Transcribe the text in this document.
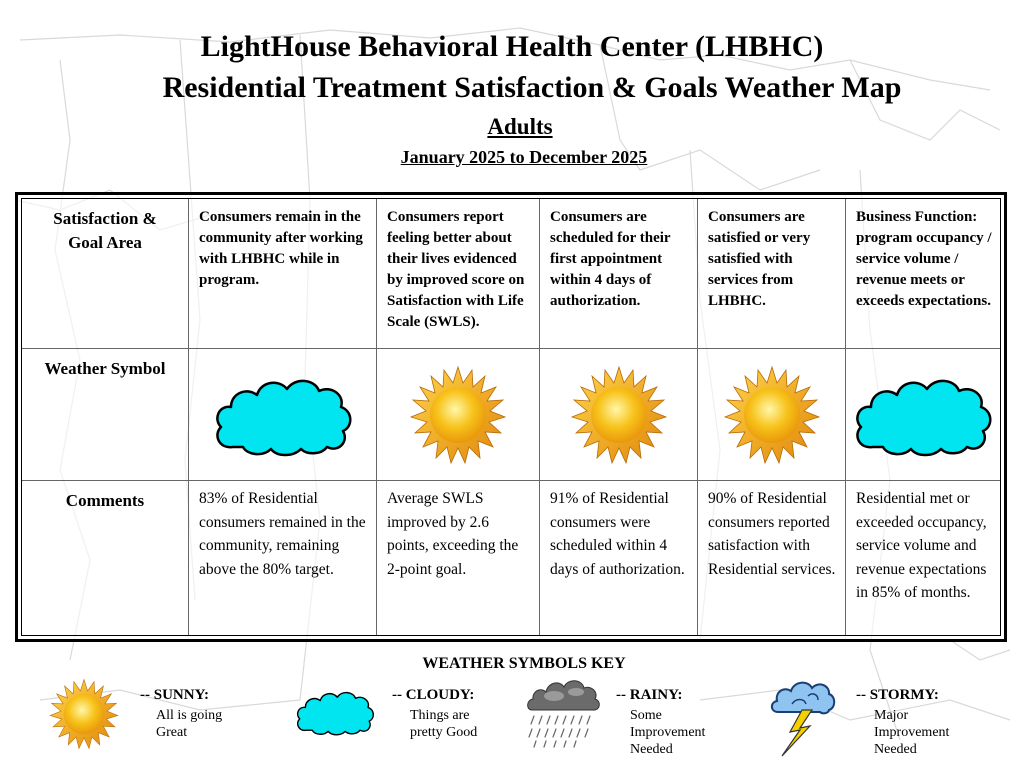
LightHouse Behavioral Health Center (LHBHC)
Residential Treatment Satisfaction & Goals Weather Map
Adults
January 2025 to December 2025
Satisfaction & Goal Area
Consumers remain in the community after working with LHBHC while in program.
Consumers report feeling better about their lives evidenced by improved score on Satisfaction with Life Scale (SWLS).
Consumers are scheduled for their first appointment within 4 days of authorization.
Consumers are satisfied or very satisfied with services from LHBHC.
Business Function: program occupancy / service volume / revenue meets or exceeds expectations.
Weather Symbol
Comments	83% of Residential consumers remained in the community, remaining above the 80% target.
Average SWLS improved by 2.6 points, exceeding the 2-point goal.
91% of Residential consumers were scheduled within 4 days of authorization.
90% of Residential consumers reported satisfaction with Residential services.
Residential met or exceeded occupancy, service volume and revenue expectations in 85% of months.
WEATHER SYMBOLS KEY
-- SUNNY:
All is going Great
-- CLOUDY:
Things are pretty Good
-- RAINY:
Some Improvement Needed
-- STORMY:
Major Improvement Needed
